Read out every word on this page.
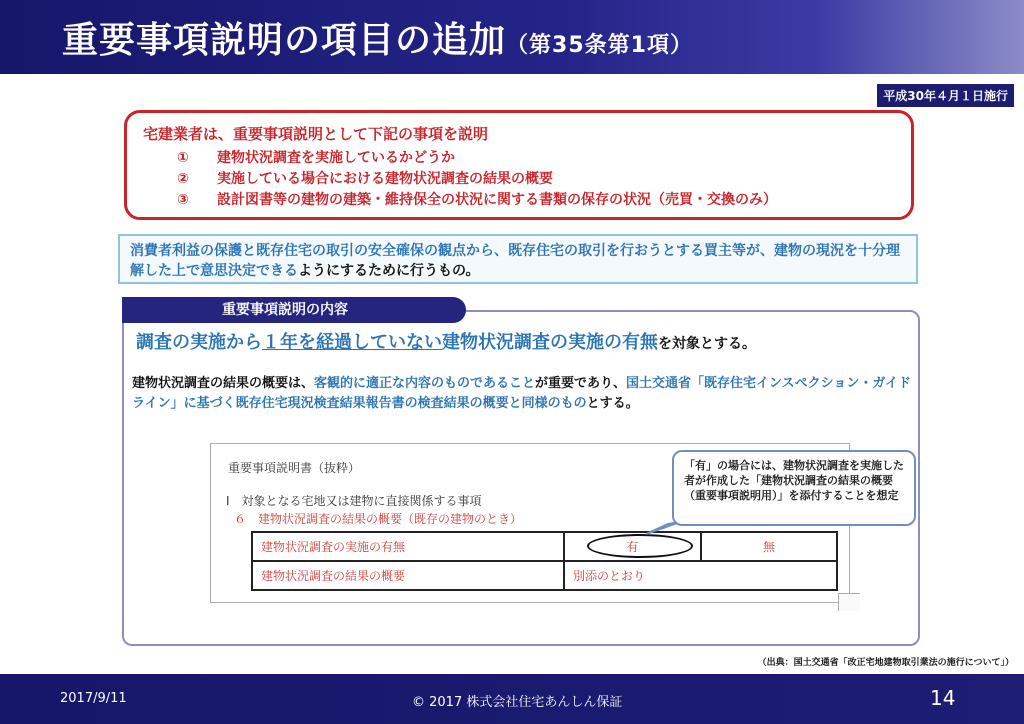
重要事項説明の項目の追加（第35条第1項）
平成30年４月１日施行
宅建業者は、重要事項説明として下記の事項を説明
①	建物状況調査を実施しているかどうか
②	実施している場合における建物状況調査の結果の概要
③	設計図書等の建物の建築・維持保全の状況に関する書類の保存の状況（売買・交換のみ）
消費者利益の保護と既存住宅の取引の安全確保の観点から、既存住宅の取引を行おうとする買主等が、建物の現況を十分理解した上で意思決定できるようにするために行うもの。
重要事項説明の内容
調査の実施から１年を経過していない建物状況調査の実施の有無を対象とする。
建物状況調査の結果の概要は、客観的に適正な内容のものであることが重要であり、国土交通省「既存住宅インスペクション・ガイドライン」に基づく既存住宅現況検査結果報告書の検査結果の概要と同様のものとする。
重要事項説明書（抜粋）
Ⅰ　対象となる宅地又は建物に直接関係する事項
６　建物状況調査の結果の概要（既存の建物のとき）
建物状況調査の実施の有無	有	無
建物状況調査の結果の概要	別添のとおり	
「有」の場合には、建物状況調査を実施した者が作成した「建物状況調査の結果の概要（重要事項説明用）」を添付することを想定
（出典：国土交通省「改正宅地建物取引業法の施行について」）
2017/9/11	© 2017 株式会社住宅あんしん保証	14
